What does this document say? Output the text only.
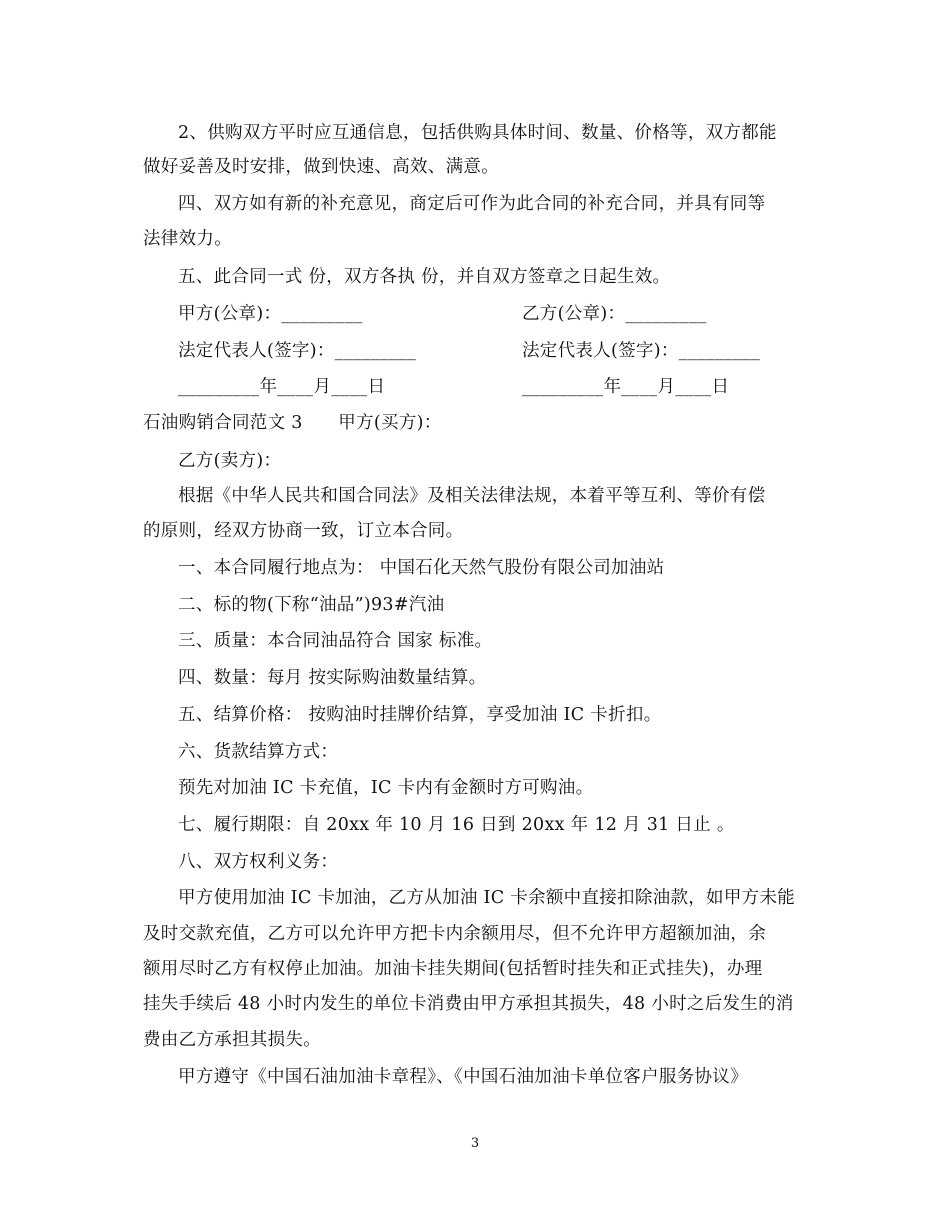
2、供购双方平时应互通信息，包括供购具体时间、数量、价格等，双方都能
做好妥善及时安排，做到快速、高效、满意。
四、双方如有新的补充意见，商定后可作为此合同的补充合同，并具有同等
法律效力。
五、此合同一式 份，双方各执 份，并自双方签章之日起生效。
甲方(公章)：_________	乙方(公章)：_________
法定代表人(签字)：_________	法定代表人(签字)：_________
_________年____月____日	_________年____月____日
石油购销合同范文 3　　甲方(买方)：
乙方(卖方)：
根据《中华人民共和国合同法》及相关法律法规，本着平等互利、等价有偿
的原则，经双方协商一致，订立本合同。
一、本合同履行地点为： 中国石化天然气股份有限公司加油站
二、标的物(下称“油品”)93#汽油
三、质量：本合同油品符合 国家 标准。
四、数量：每月 按实际购油数量结算。
五、结算价格： 按购油时挂牌价结算，享受加油 IC 卡折扣。
六、货款结算方式：
预先对加油 IC 卡充值，IC 卡内有金额时方可购油。
七、履行期限：自 20xx 年 10 月 16 日到 20xx 年 12 月 31 日止 。
八、双方权利义务：
甲方使用加油 IC 卡加油，乙方从加油 IC 卡余额中直接扣除油款，如甲方未能
及时交款充值，乙方可以允许甲方把卡内余额用尽，但不允许甲方超额加油，余
额用尽时乙方有权停止加油。加油卡挂失期间(包括暂时挂失和正式挂失)，办理
挂失手续后 48 小时内发生的单位卡消费由甲方承担其损失，48 小时之后发生的消
费由乙方承担其损失。
甲方遵守《中国石油加油卡章程》、《中国石油加油卡单位客户服务协议》
3
